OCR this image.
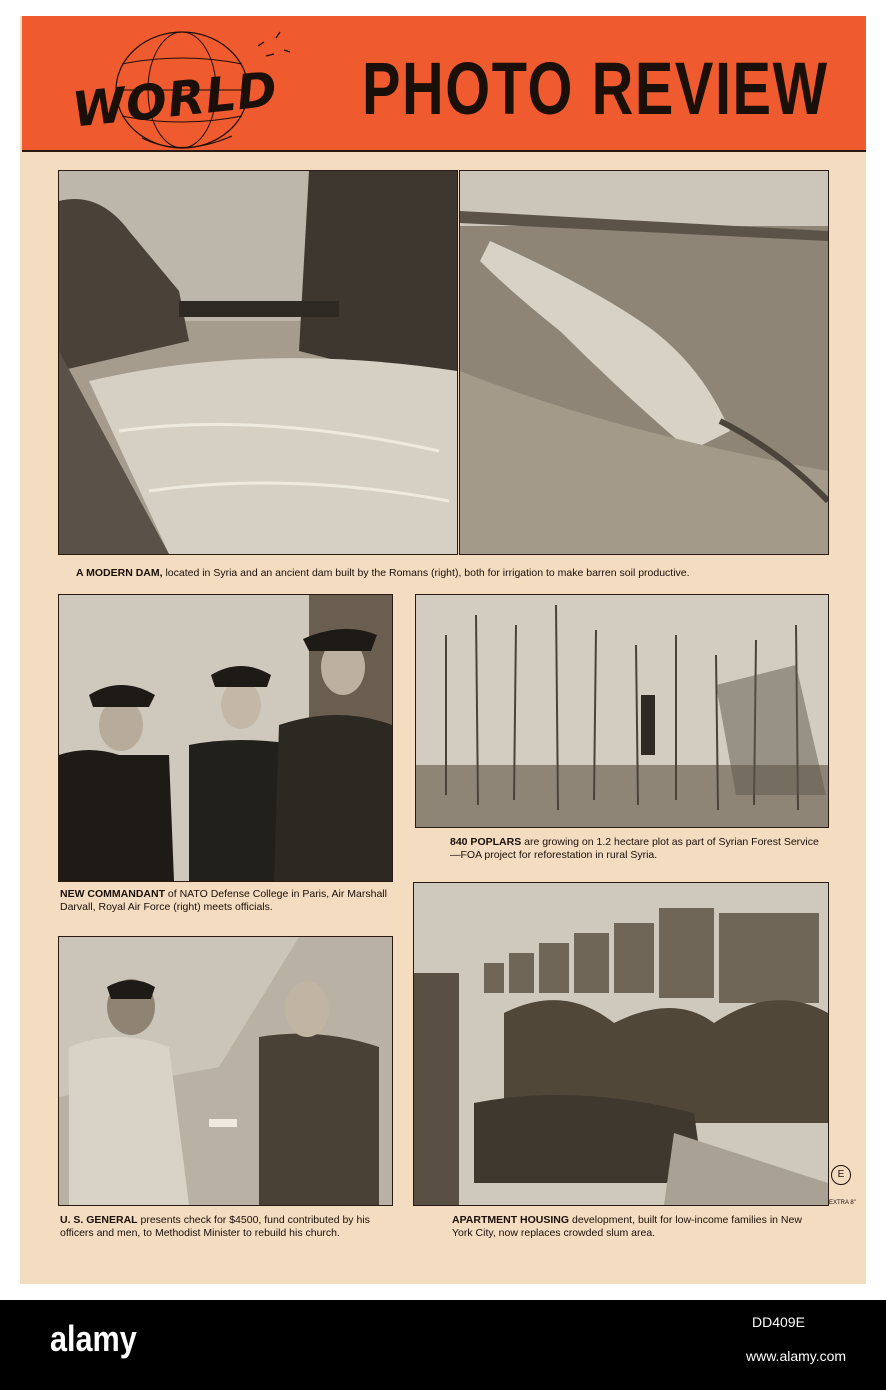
WORLD PHOTO REVIEW
A MODERN DAM, located in Syria and an ancient dam built by the Romans (right), both for irrigation to make barren soil productive.
NEW COMMANDANT of NATO Defense College in Paris, Air Marshall Darvall, Royal Air Force (right) meets officials.
840 POPLARS are growing on 1.2 hectare plot as part of Syrian Forest Service—FOA project for reforestation in rural Syria.
U. S. GENERAL presents check for $4500, fund contributed by his officers and men, to Methodist Minister to rebuild his church.
APARTMENT HOUSING development, built for low-income families in New York City, now replaces crowded slum area.
E
EXTRA 8"
alamy	DD409E
www.alamy.com
